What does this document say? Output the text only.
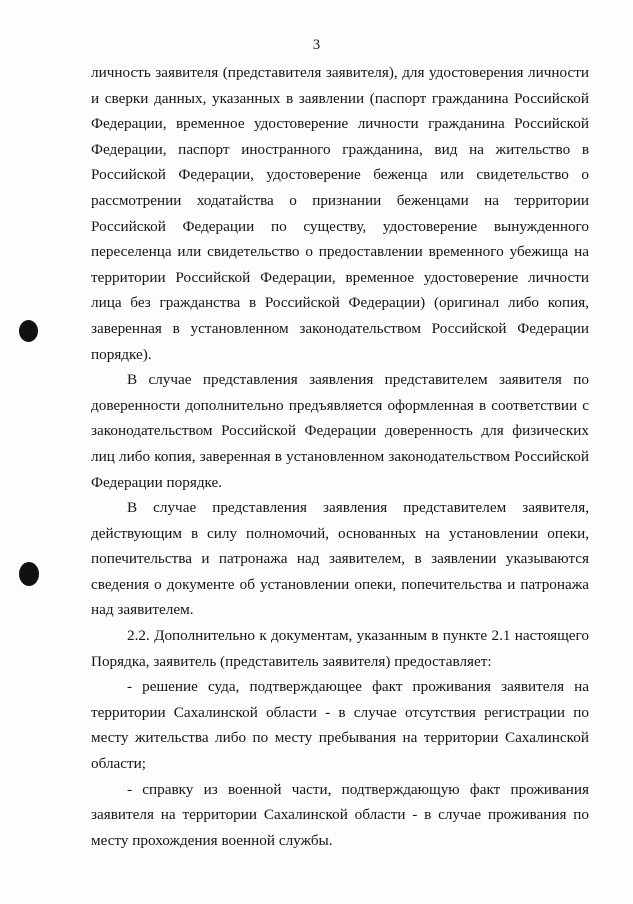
3

личность заявителя (представителя заявителя), для удостоверения личности и сверки данных, указанных в заявлении (паспорт гражданина Российской Федерации, временное удостоверение личности гражданина Российской Федерации, паспорт иностранного гражданина, вид на жительство в Российской Федерации, удостоверение беженца или свидетельство о рассмотрении ходатайства о признании беженцами на территории Российской Федерации по существу, удостоверение вынужденного переселенца или свидетельство о предоставлении временного убежища на территории Российской Федерации, временное удостоверение личности лица без гражданства в Российской Федерации) (оригинал либо копия, заверенная в установленном законодательством Российской Федерации порядке).

В случае представления заявления представителем заявителя по доверенности дополнительно предъявляется оформленная в соответствии с законодательством Российской Федерации доверенность для физических лиц либо копия, заверенная в установленном законодательством Российской Федерации порядке.

В случае представления заявления представителем заявителя, действующим в силу полномочий, основанных на установлении опеки, попечительства и патронажа над заявителем, в заявлении указываются сведения о документе об установлении опеки, попечительства и патронажа над заявителем.

2.2. Дополнительно к документам, указанным в пункте 2.1 настоящего Порядка, заявитель (представитель заявителя) предоставляет:

- решение суда, подтверждающее факт проживания заявителя на территории Сахалинской области - в случае отсутствия регистрации по месту жительства либо по месту пребывания на территории Сахалинской области;

- справку из военной части, подтверждающую факт проживания заявителя на территории Сахалинской области - в случае проживания по месту прохождения военной службы.
